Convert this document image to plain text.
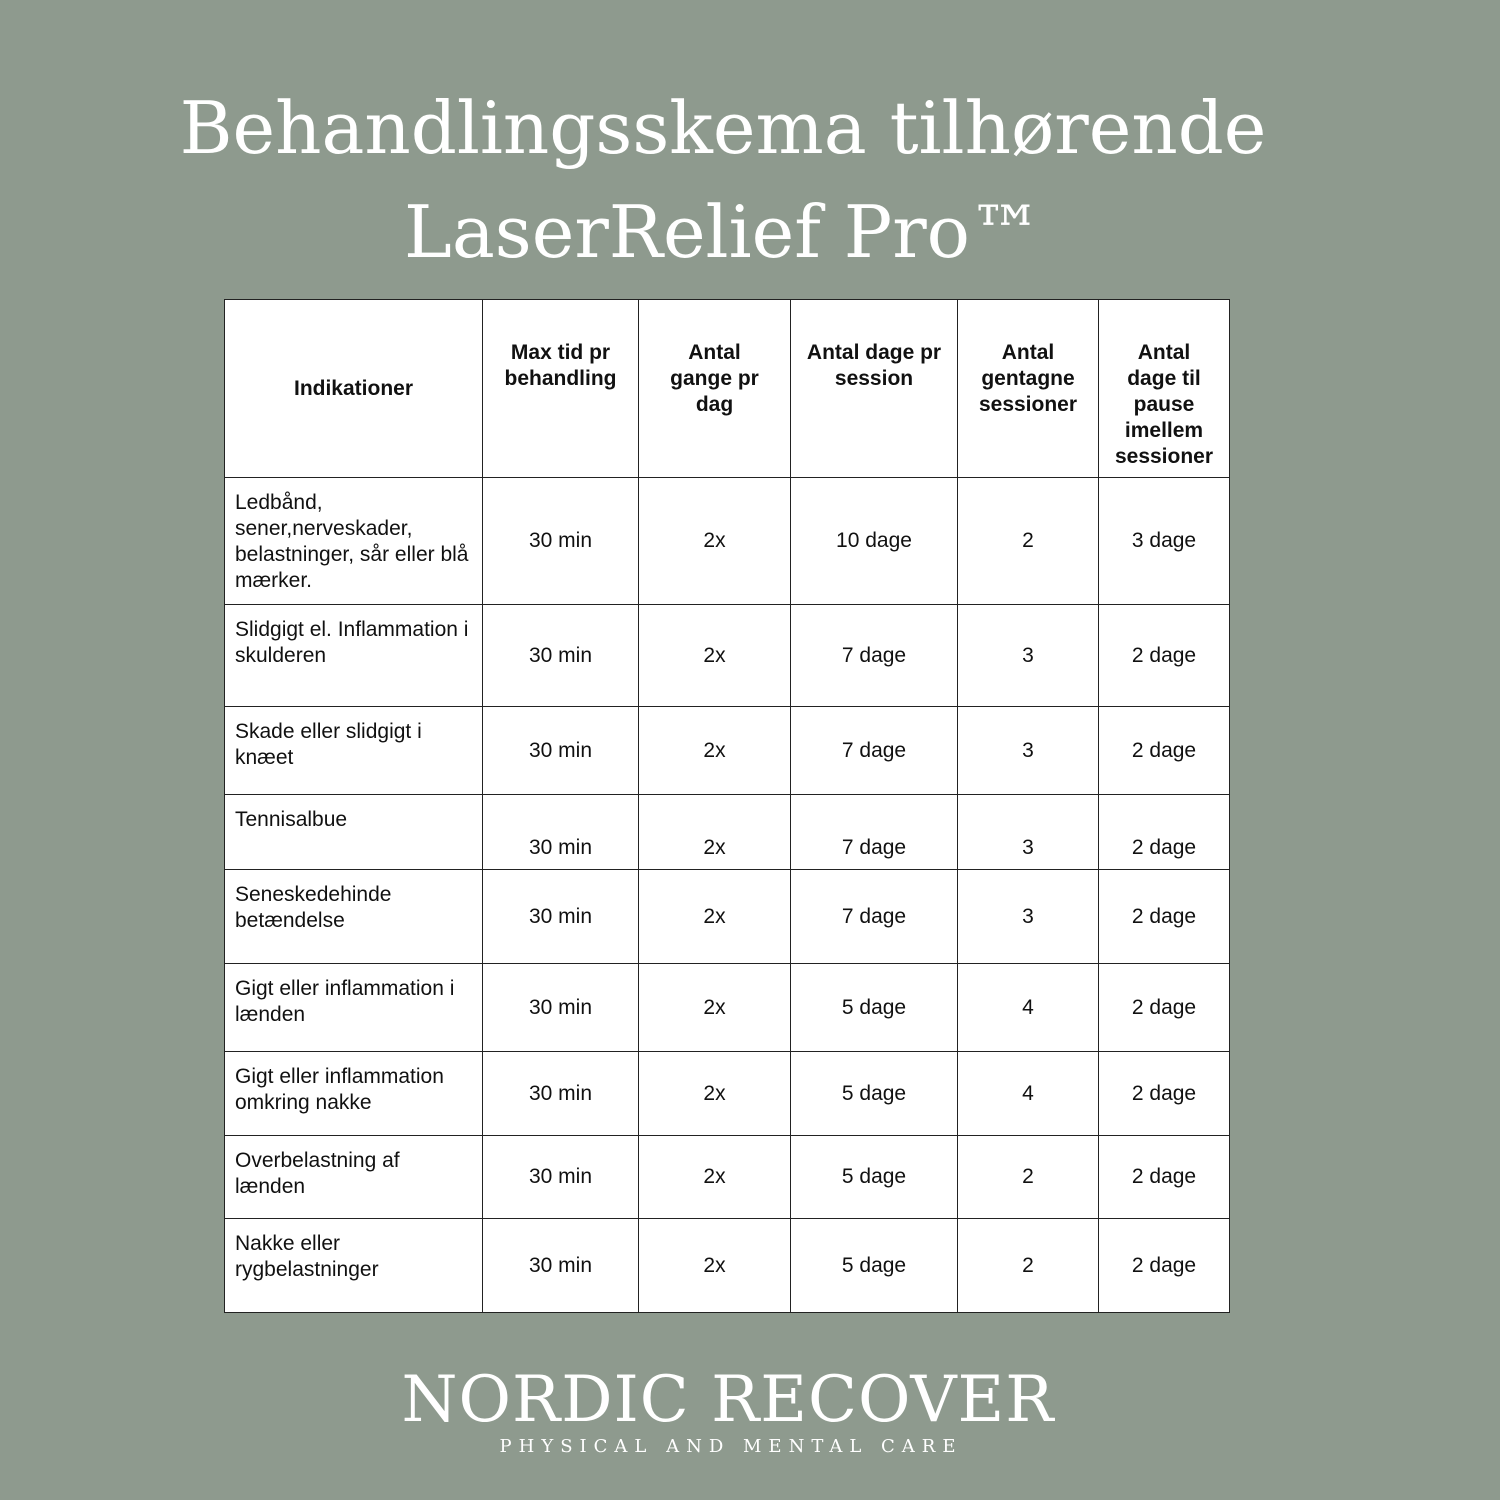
Behandlingsskema tilhørende
LaserRelief Pro™
Indikationer	Max tid pr behandling	Antal gange pr dag	Antal dage pr session	Antal gentagne sessioner	Antal dage til pause imellem sessioner
Ledbånd, sener,nerveskader, belastninger, sår eller blå mærker.	30 min	2x	10 dage	2	3 dage
Slidgigt el. Inflammation i skulderen	30 min	2x	7 dage	3	2 dage
Skade eller slidgigt i knæet	30 min	2x	7 dage	3	2 dage
Tennisalbue	30 min	2x	7 dage	3	2 dage
Seneskedehinde betændelse	30 min	2x	7 dage	3	2 dage
Gigt eller inflammation i lænden	30 min	2x	5 dage	4	2 dage
Gigt eller inflammation omkring nakke	30 min	2x	5 dage	4	2 dage
Overbelastning af lænden	30 min	2x	5 dage	2	2 dage
Nakke eller rygbelastninger	30 min	2x	5 dage	2	2 dage
NORDIC RECOVER
PHYSICAL AND MENTAL CARE
